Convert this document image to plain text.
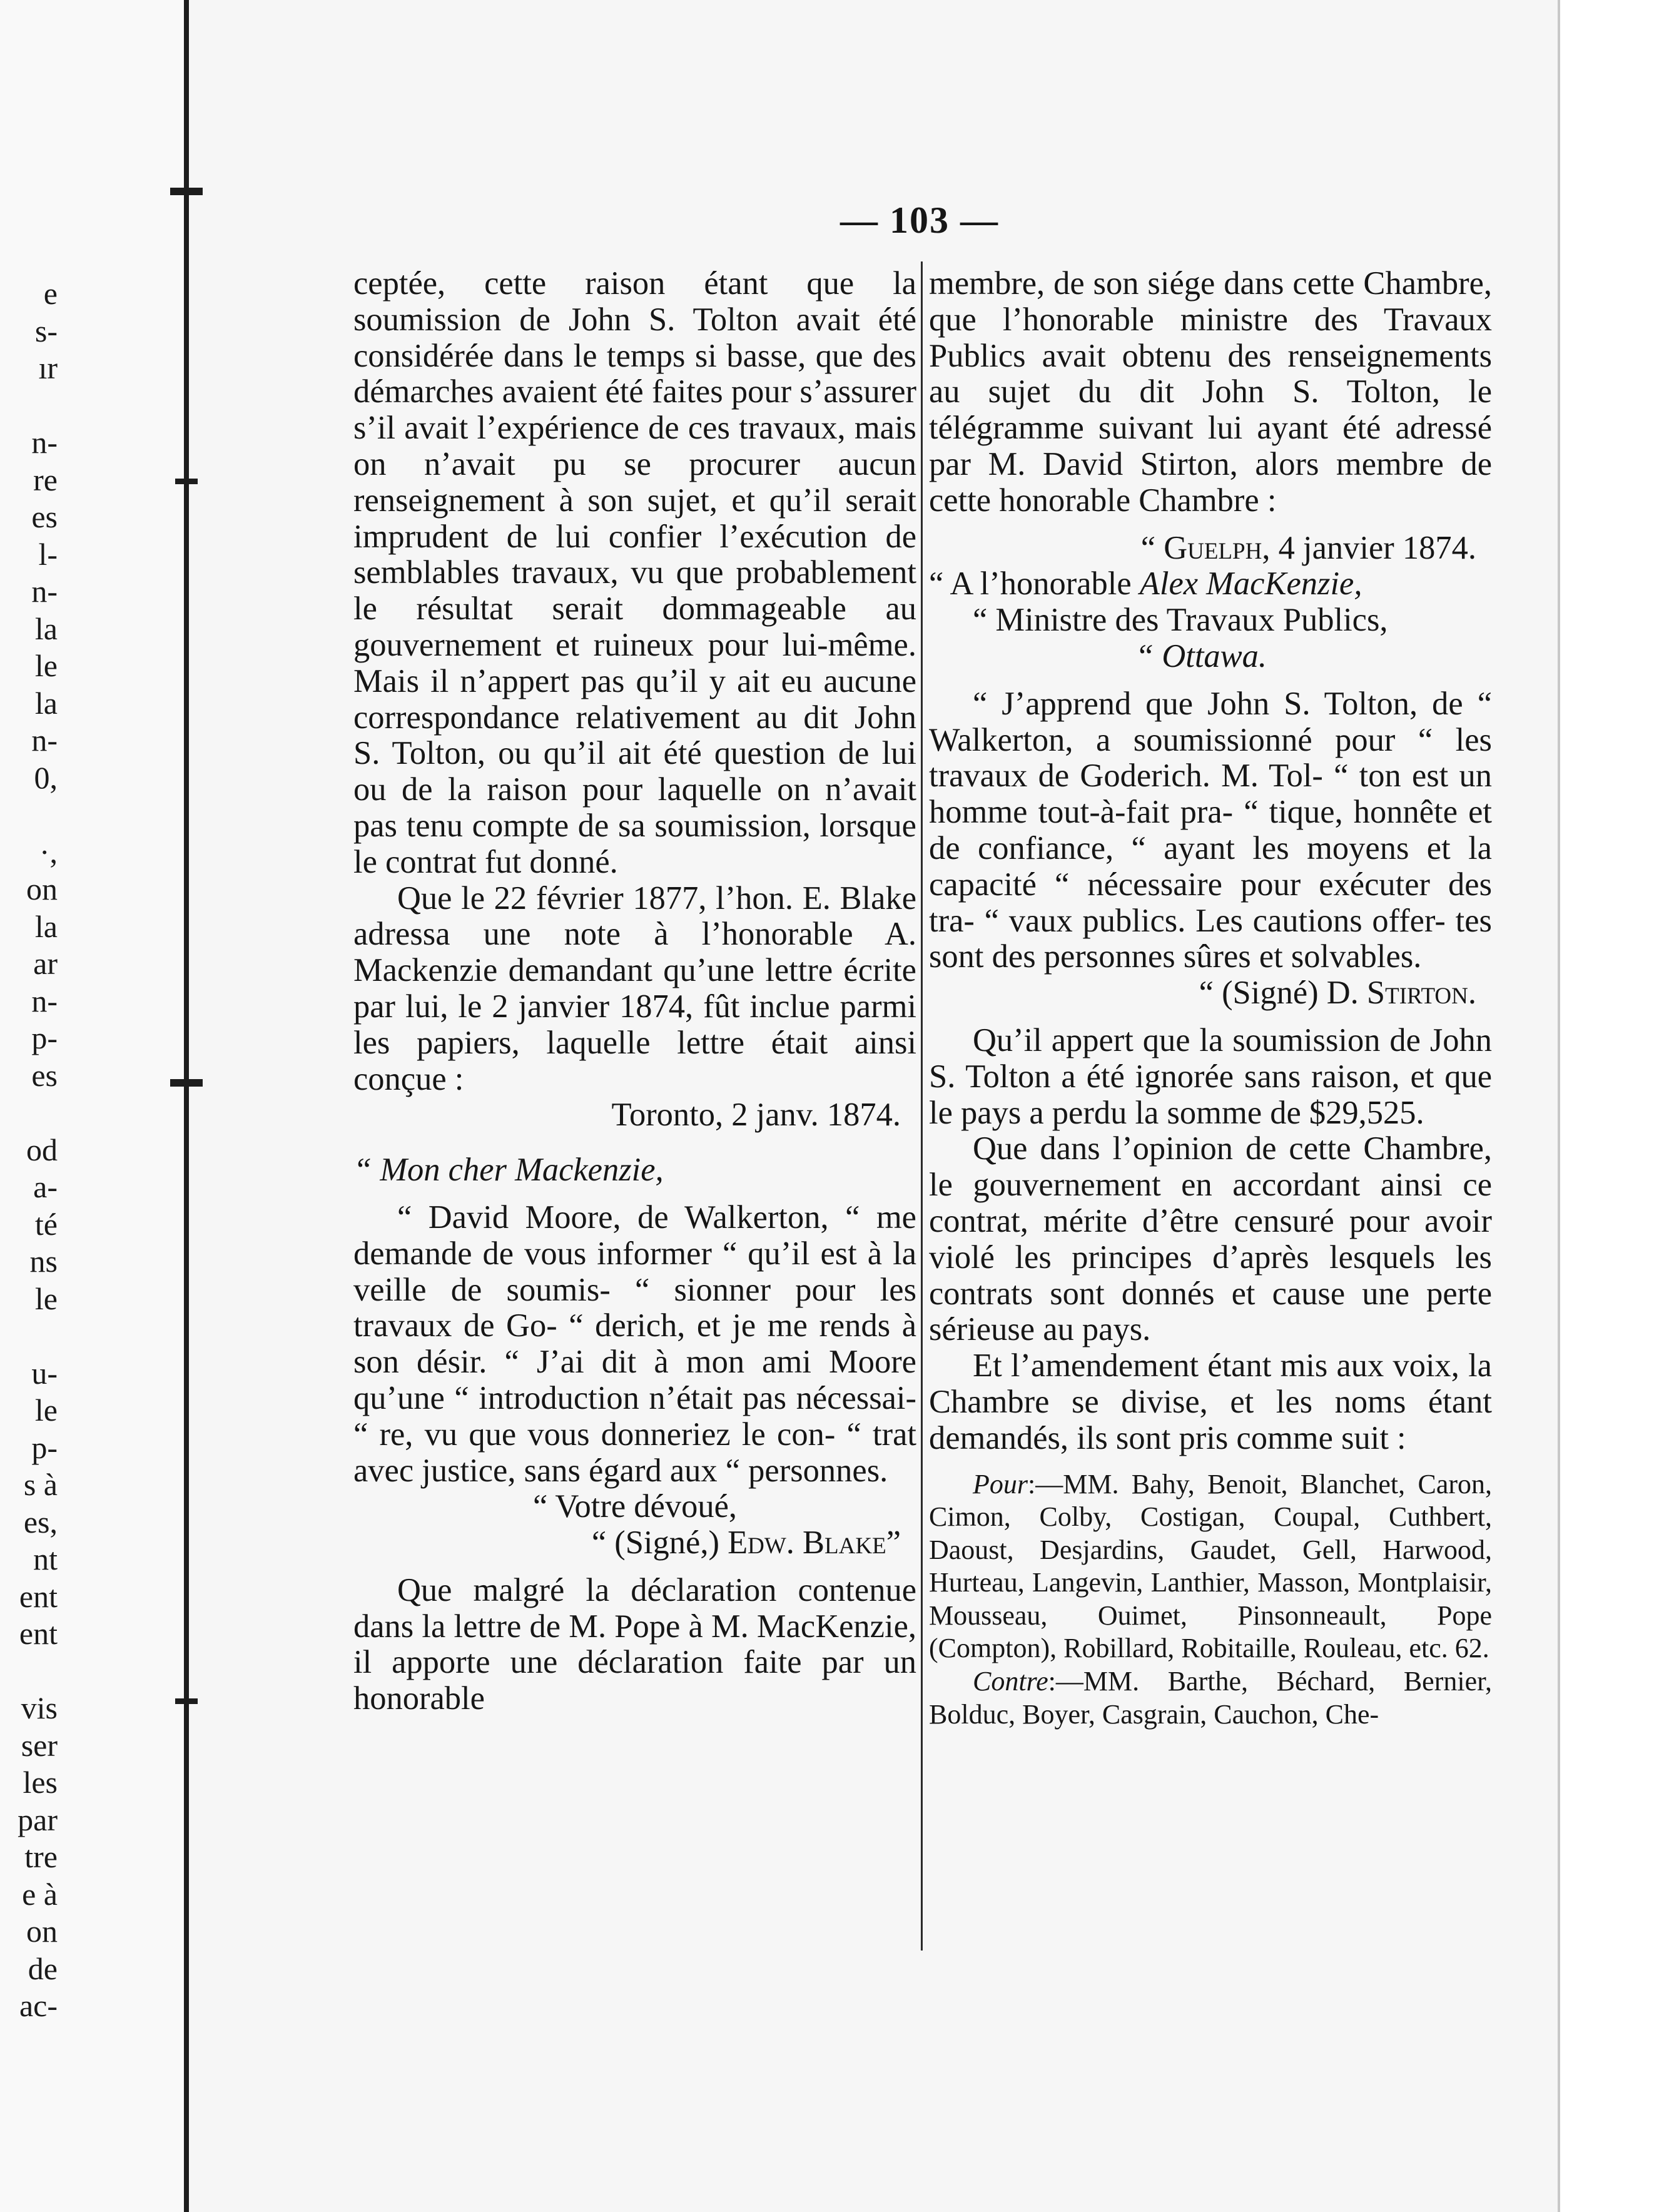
e
s-
ır

n-
re
es
l-
n-
la
le
la
n-
0,

·,
on
la
ar
n-
p-
es

od
a-
té
ns
le

u-
le
p-
s à
es,
nt
ent
ent

vis
ser
les
par
tre
e à
on
de
ac-
— 103 —

ceptée, cette raison étant que la soumission de John S. Tolton avait été considérée dans le temps si basse, que des démarches avaient été faites pour s’assurer s’il avait l’expérience de ces travaux, mais on n’avait pu se procurer aucun renseignement à son sujet, et qu’il serait imprudent de lui confier l’exécution de semblables travaux, vu que probablement le résultat serait dommageable au gouvernement et ruineux pour lui-même. Mais il n’appert pas qu’il y ait eu aucune correspondance relativement au dit John S. Tolton, ou qu’il ait été question de lui ou de la raison pour laquelle on n’avait pas tenu compte de sa soumission, lorsque le contrat fut donné.

Que le 22 février 1877, l’hon. E. Blake adressa une note à l’honorable A. Mackenzie demandant qu’une lettre écrite par lui, le 2 janvier 1874, fût inclue parmi les papiers, laquelle lettre était ainsi conçue :

Toronto, 2 janv. 1874.

“ Mon cher Mackenzie,

“ David Moore, de Walkerton, “ me demande de vous informer “ qu’il est à la veille de soumis- “ sionner pour les travaux de Go- “ derich, et je me rends à son désir. “ J’ai dit à mon ami Moore qu’une “ introduction n’était pas nécessai- “ re, vu que vous donneriez le con- “ trat avec justice, sans égard aux “ personnes.

“ Votre dévoué,

“ (Signé,) Edw. Blake”

Que malgré la déclaration contenue dans la lettre de M. Pope à M. MacKenzie, il apporte une déclaration faite par un honorable

membre, de son siége dans cette Chambre, que l’honorable ministre des Travaux Publics avait obtenu des renseignements au sujet du dit John S. Tolton, le télégramme suivant lui ayant été adressé par M. David Stirton, alors membre de cette honorable Chambre :

“ Guelph, 4 janvier 1874.

“ A l’honorable Alex MacKenzie,

“ Ministre des Travaux Publics,

“ Ottawa.

“ J’apprend que John S. Tolton, de “ Walkerton, a soumissionné pour “ les travaux de Goderich. M. Tol- “ ton est un homme tout-à-fait pra- “ tique, honnête et de confiance, “ ayant les moyens et la capacité “ nécessaire pour exécuter des tra- “ vaux publics. Les cautions offer- tes sont des personnes sûres et solvables.

“ (Signé) D. Stirton.

Qu’il appert que la soumission de John S. Tolton a été ignorée sans raison, et que le pays a perdu la somme de $29,525.

Que dans l’opinion de cette Chambre, le gouvernement en accordant ainsi ce contrat, mérite d’être censuré pour avoir violé les principes d’après lesquels les contrats sont donnés et cause une perte sérieuse au pays.

Et l’amendement étant mis aux voix, la Chambre se divise, et les noms étant demandés, ils sont pris comme suit :

Pour:—MM. Bahy, Benoit, Blanchet, Caron, Cimon, Colby, Costigan, Coupal, Cuthbert, Daoust, Desjardins, Gaudet, Gell, Harwood, Hurteau, Langevin, Lanthier, Masson, Montplaisir, Mousseau, Ouimet, Pinsonneault, Pope (Compton), Robillard, Robitaille, Rouleau, etc. 62.

Contre:—MM. Barthe, Béchard, Bernier, Bolduc, Boyer, Casgrain, Cauchon, Che-
